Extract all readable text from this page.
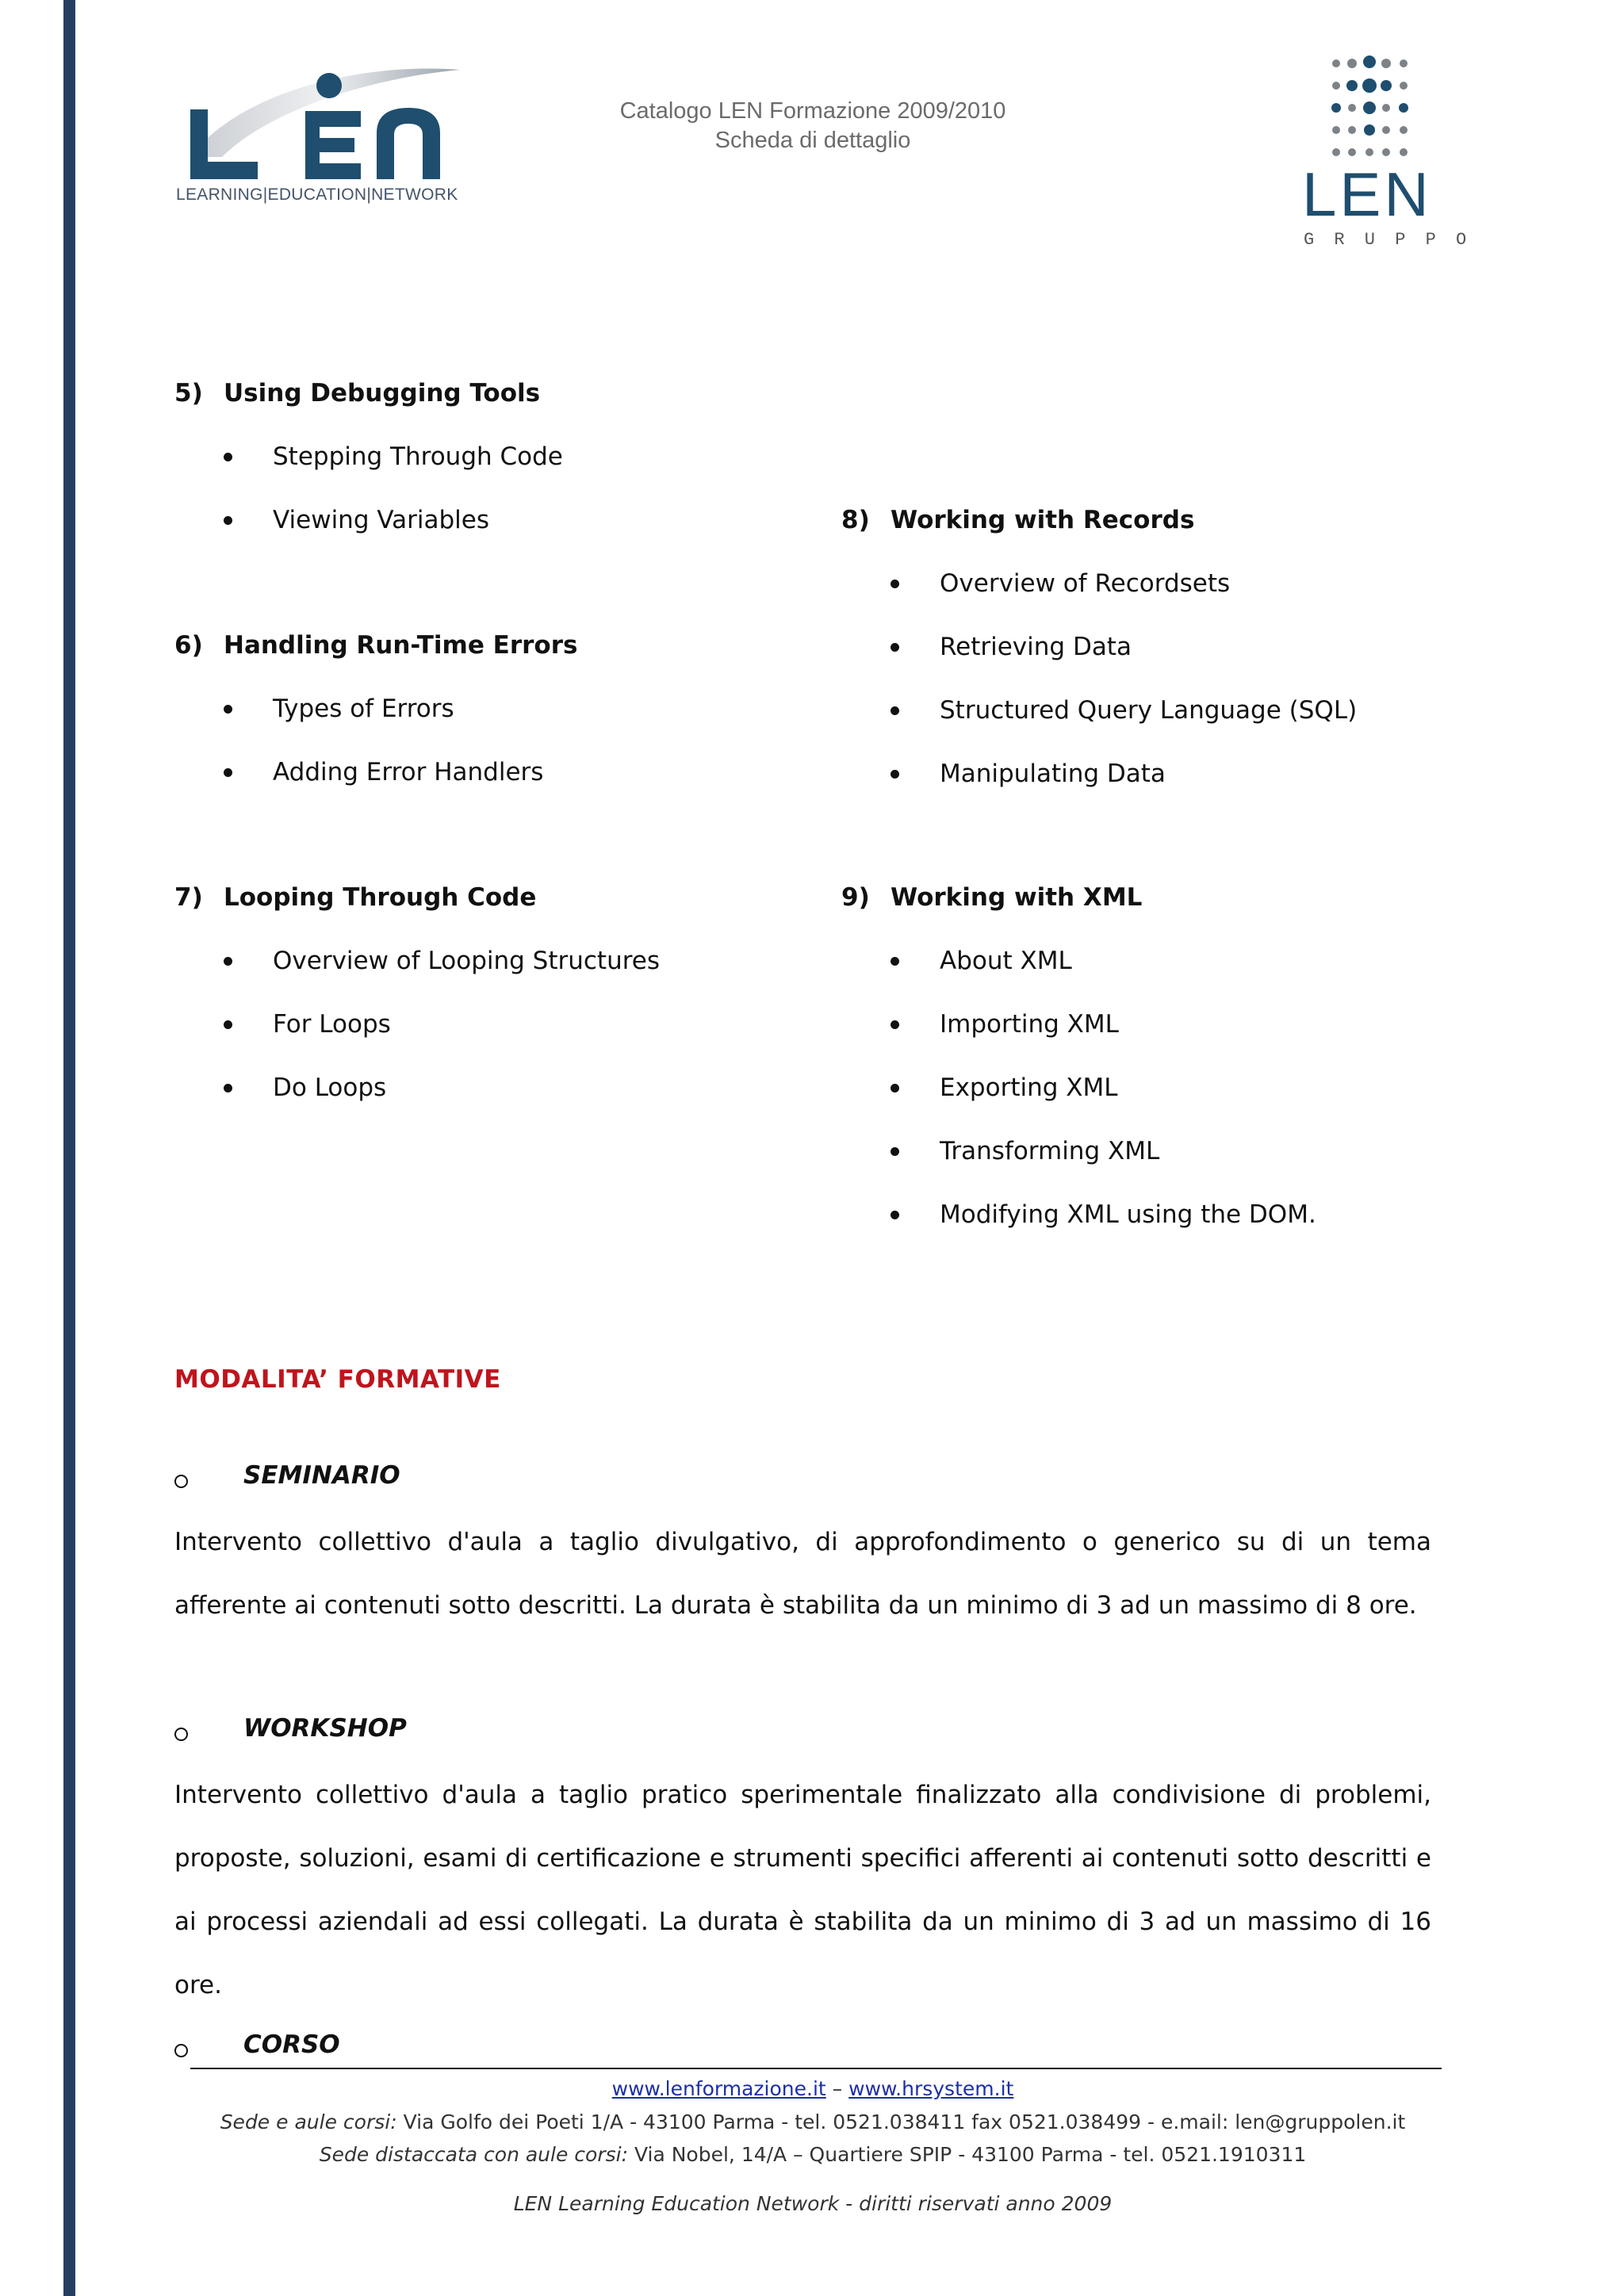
LEARNING|EDUCATION|NETWORK
Catalogo LEN Formazione 2009/2010
Scheda di dettaglio
LEN
G R U P P O
5) Using Debugging Tools
Stepping Through Code
Viewing Variables
6) Handling Run-Time Errors
Types of Errors
Adding Error Handlers
7) Looping Through Code
Overview of Looping Structures
For Loops
Do Loops
8) Working with Records
Overview of Recordsets
Retrieving Data
Structured Query Language (SQL)
Manipulating Data
9) Working with XML
About XML
Importing XML
Exporting XML
Transforming XML
Modifying XML using the DOM.
MODALITA’ FORMATIVE
SEMINARIO
Intervento collettivo d'aula a taglio divulgativo, di approfondimento o generico su di un tema afferente ai contenuti sotto descritti. La durata è stabilita da un minimo di 3 ad un massimo di 8 ore.
WORKSHOP
Intervento collettivo d'aula a taglio pratico sperimentale finalizzato alla condivisione di problemi, proposte, soluzioni, esami di certificazione e strumenti specifici afferenti ai contenuti sotto descritti e ai processi aziendali ad essi collegati. La durata è stabilita da un minimo di 3 ad un massimo di 16 ore.
CORSO
www.lenformazione.it – www.hrsystem.it
Sede e aule corsi: Via Golfo dei Poeti 1/A - 43100 Parma - tel. 0521.038411 fax 0521.038499 - e.mail: len@gruppolen.it
Sede distaccata con aule corsi: Via Nobel, 14/A – Quartiere SPIP - 43100 Parma - tel. 0521.1910311
LEN Learning Education Network - diritti riservati anno 2009
